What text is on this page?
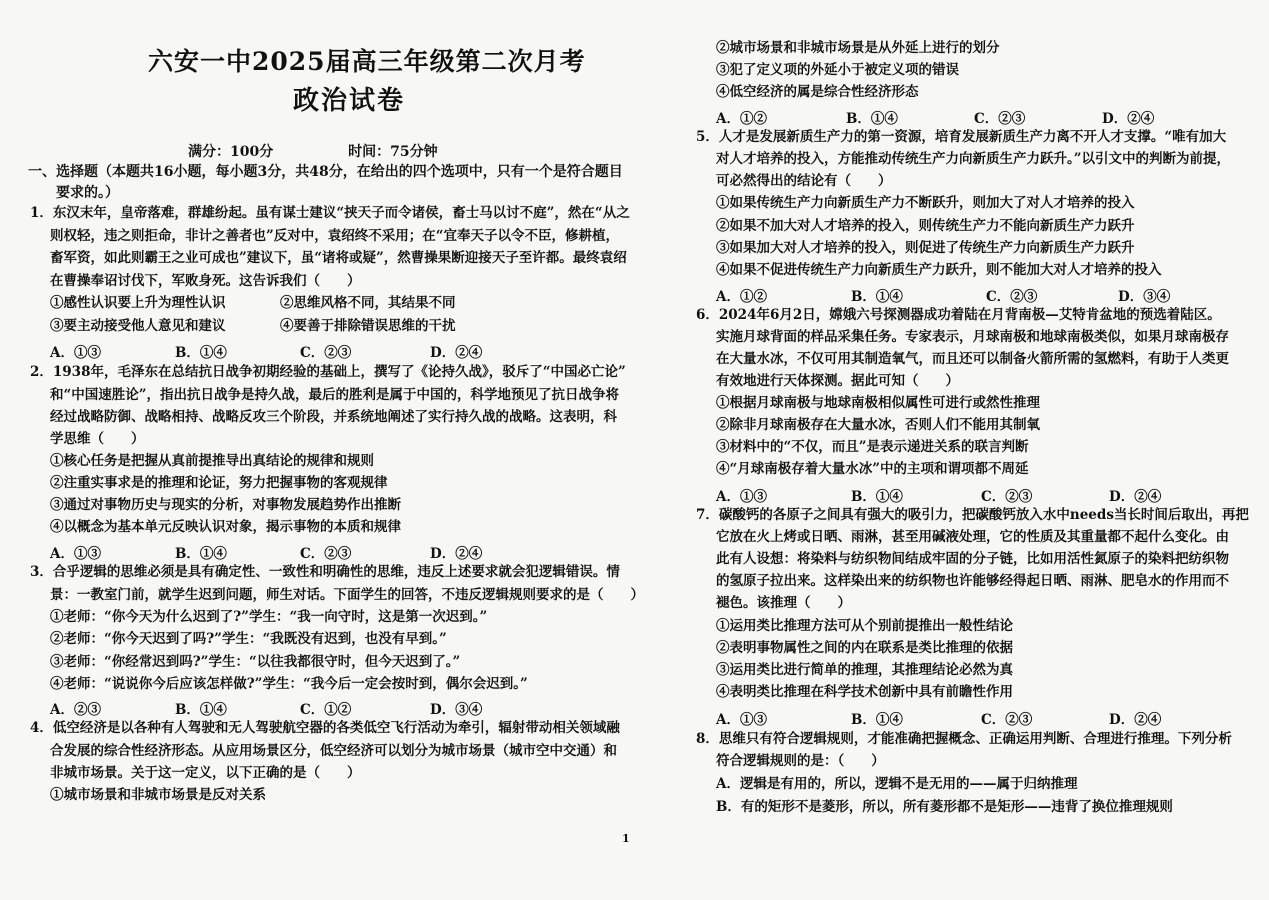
六安一中2025届高三年级第二次月考
政治试卷
满分：100分	时间：75分钟
一、选择题（本题共16小题，每小题3分，共48分，在给出的四个选项中，只有一个是符合题目
要求的。）
1．东汉末年，皇帝落难，群雄纷起。虽有谋士建议“挟天子而令诸侯，畜士马以讨不庭”，然在“从之
则权轻，违之则拒命，非计之善者也”反对中，袁绍终不采用；在“宜奉天子以令不臣，修耕植，
畜军资，如此则霸王之业可成也”建议下，虽“诸将或疑”，然曹操果断迎接天子至许都。最终袁绍
在曹操奉诏讨伐下，军败身死。这告诉我们（　　）
①感性认识要上升为理性认识	②思维风格不同，其结果不同
③要主动接受他人意见和建议	④要善于排除错误思维的干扰
A．①③	B．①④	C．②③	D．②④
2．1938年，毛泽东在总结抗日战争初期经验的基础上，撰写了《论持久战》，驳斥了“中国必亡论”
和“中国速胜论”，指出抗日战争是持久战，最后的胜利是属于中国的，科学地预见了抗日战争将
经过战略防御、战略相持、战略反攻三个阶段，并系统地阐述了实行持久战的战略。这表明，科
学思维（　　）
①核心任务是把握从真前提推导出真结论的规律和规则
②注重实事求是的推理和论证，努力把握事物的客观规律
③通过对事物历史与现实的分析，对事物发展趋势作出推断
④以概念为基本单元反映认识对象，揭示事物的本质和规律
A．①③	B．①④	C．②③	D．②④
3．合乎逻辑的思维必须是具有确定性、一致性和明确性的思维，违反上述要求就会犯逻辑错误。情
景：一教室门前，就学生迟到问题，师生对话。下面学生的回答，不违反逻辑规则要求的是（　　）
①老师：“你今天为什么迟到了?”学生：“我一向守时，这是第一次迟到。”
②老师：“你今天迟到了吗?”学生：“我既没有迟到，也没有早到。”
③老师：“你经常迟到吗?”学生：“以往我都很守时，但今天迟到了。”
④老师：“说说你今后应该怎样做?”学生：“我今后一定会按时到，偶尔会迟到。”
A．②③	B．①④	C．①②	D．③④
4．低空经济是以各种有人驾驶和无人驾驶航空器的各类低空飞行活动为牵引，辐射带动相关领域融
合发展的综合性经济形态。从应用场景区分，低空经济可以划分为城市场景（城市空中交通）和
非城市场景。关于这一定义，以下正确的是（　　）
①城市场景和非城市场景是反对关系
1
②城市场景和非城市场景是从外延上进行的划分
③犯了定义项的外延小于被定义项的错误
④低空经济的属是综合性经济形态
A．①②	B．①④	C．②③	D．②④
5．人才是发展新质生产力的第一资源，培育发展新质生产力离不开人才支撑。“唯有加大
对人才培养的投入，方能推动传统生产力向新质生产力跃升。”以引文中的判断为前提，
可必然得出的结论有（　　）
①如果传统生产力向新质生产力不断跃升，则加大了对人才培养的投入
②如果不加大对人才培养的投入，则传统生产力不能向新质生产力跃升
③如果加大对人才培养的投入，则促进了传统生产力向新质生产力跃升
④如果不促进传统生产力向新质生产力跃升，则不能加大对人才培养的投入
A．①②	B．①④	C．②③	D．③④
6．2024年6月2日，嫦娥六号探测器成功着陆在月背南极—艾特肯盆地的预选着陆区。
实施月球背面的样品采集任务。专家表示，月球南极和地球南极类似，如果月球南极存
在大量水冰，不仅可用其制造氧气，而且还可以制备火箭所需的氢燃料，有助于人类更
有效地进行天体探测。据此可知（　　）
①根据月球南极与地球南极相似属性可进行或然性推理
②除非月球南极存在大量水冰，否则人们不能用其制氧
③材料中的“不仅，而且”是表示递进关系的联言判断
④“月球南极存着大量水冰”中的主项和谓项都不周延
A．①③	B．①④	C．②③	D．②④
7．碳酸钙的各原子之间具有强大的吸引力，把碳酸钙放入水中needs当长时间后取出，再把
它放在火上烤或日晒、雨淋，甚至用碱液处理，它的性质及其重量都不起什么变化。由
此有人设想：将染料与纺织物间结成牢固的分子链，比如用活性氮原子的染料把纺织物
的氢原子拉出来。这样染出来的纺织物也许能够经得起日晒、雨淋、肥皂水的作用而不
褪色。该推理（　　）
①运用类比推理方法可从个别前提推出一般性结论
②表明事物属性之间的内在联系是类比推理的依据
③运用类比进行简单的推理，其推理结论必然为真
④表明类比推理在科学技术创新中具有前瞻性作用
A．①③	B．①④	C．②③	D．②④
8．思维只有符合逻辑规则，才能准确把握概念、正确运用判断、合理进行推理。下列分析
符合逻辑规则的是：（　　）
A．逻辑是有用的，所以，逻辑不是无用的——属于归纳推理
B．有的矩形不是菱形，所以，所有菱形都不是矩形——违背了换位推理规则
